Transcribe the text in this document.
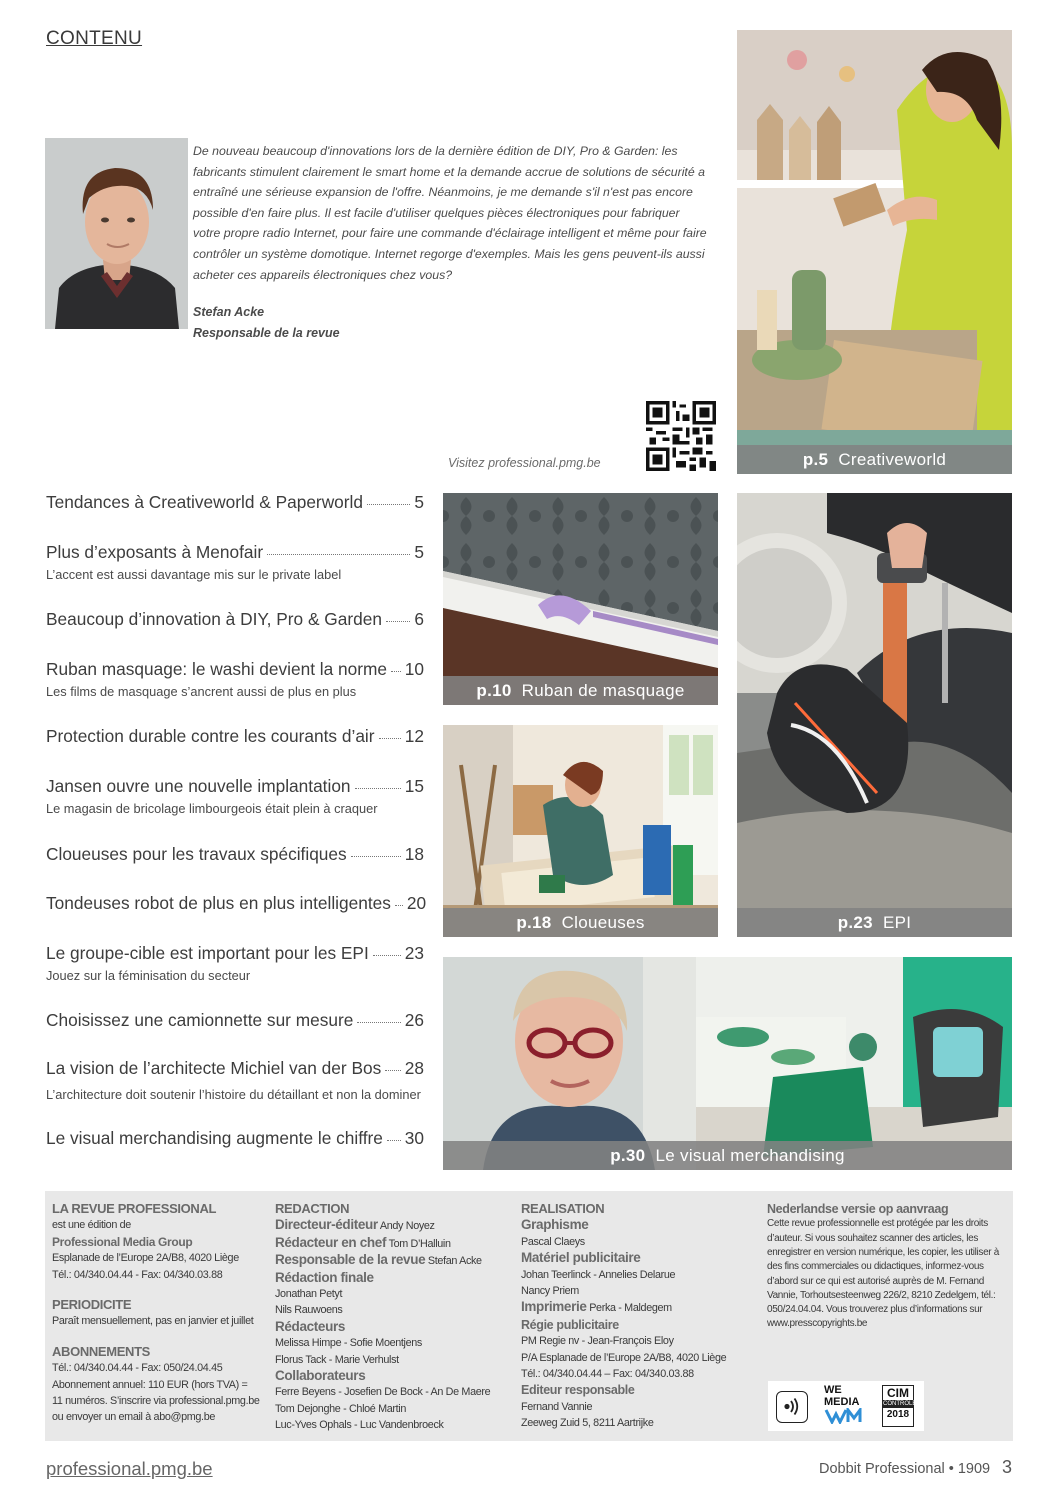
CONTENU
De nouveau beaucoup d'innovations lors de la dernière édition de DIY, Pro & Garden: les fabricants stimulent clairement le smart home et la demande accrue de solutions de sécurité a entraîné une sérieuse expansion de l'offre. Néanmoins, je me demande s'il n'est pas encore possible d'en faire plus. Il est facile d'utiliser quelques pièces électroniques pour fabriquer votre propre radio Internet, pour faire une commande d'éclairage intelligent et même pour faire contrôler un système domotique. Internet regorge d'exemples. Mais les gens peuvent-ils aussi acheter ces appareils électroniques chez vous?
Stefan Acke
Responsable de la revue
Visitez professional.pmg.be	p.5 Creativeworld
p.10 Ruban de masquage
p.18 Cloueuses	p.23 EPI
p.30 Le visual merchandising
Tendances à Creativeworld & Paperworld	5
Plus d’exposants à Menofair	5
L’accent est aussi davantage mis sur le private label
Beaucoup d’innovation à DIY, Pro & Garden 6
Ruban masquage: le washi devient la norme 10
Les films de masquage s’ancrent aussi de plus en plus
Protection durable contre les courants d’air 12
Jansen ouvre une nouvelle implantation	15
Le magasin de bricolage limbourgeois était plein à craquer
Cloueuses pour les travaux spécifiques	18
Tondeuses robot de plus en plus intelligentes 20
Le groupe-cible est important pour les EPI 23
Jouez sur la féminisation du secteur
Choisissez une camionnette sur mesure	26
La vision de l’architecte Michiel van der Bos 28
L’architecture doit soutenir l’histoire du détaillant et non la dominer
Le visual merchandising augmente le chiffre 30
LA REVUE PROFESSIONAL
est une édition de
Professional Media Group
Esplanade de l’Europe 2A/B8, 4020 Liège
Tél.: 04/340.04.44 - Fax: 04/340.03.88
PERIODICITE
Paraît mensuellement, pas en janvier et juillet
ABONNEMENTS
Tél.: 04/340.04.44 - Fax: 050/24.04.45
Abonnement annuel: 110 EUR (hors TVA) =
11 numéros. S’inscrire via professional.pmg.be
ou envoyer un email à abo@pmg.be
REDACTION
Directeur-éditeur Andy Noyez
Rédacteur en chef Tom D’Halluin
Responsable de la revue Stefan Acke
Rédaction finale
Jonathan Petyt
Nils Rauwoens
Rédacteurs
Melissa Himpe - Sofie Moentjens
Florus Tack - Marie Verhulst
Collaborateurs
Ferre Beyens - Josefien De Bock - An De Maere
Tom Dejonghe - Chloé Martin
Luc-Yves Ophals - Luc Vandenbroeck
REALISATION
Graphisme
Pascal Claeys
Matériel publicitaire
Johan Teerlinck - Annelies Delarue
Nancy Priem
Imprimerie Perka - Maldegem
Régie publicitaire
PM Regie nv - Jean-François Eloy
P/A Esplanade de l’Europe 2A/B8, 4020 Liège
Tél.: 04/340.04.44 – Fax: 04/340.03.88
Editeur responsable
Fernand Vannie
Zeeweg Zuid 5, 8211 Aartrijke
Nederlandse versie op aanvraag
Cette revue professionnelle est protégée par les droits d’auteur. Si vous souhaitez scanner des articles, les enregistrer en version numérique, les copier, les utiliser à des fins commerciales ou didactiques, informez-vous d’abord sur ce qui est autorisé auprès de M. Fernand Vannie, Torhoutsesteenweg 226/2, 8210 Zedelgem, tél.: 050/24.04.04. Vous trouverez plus d’informations sur www.presscopyrights.be
WE
MEDIA
CIM
CONTROLE
2018
professional.pmg.be	Dobbit Professional • 1909 3
